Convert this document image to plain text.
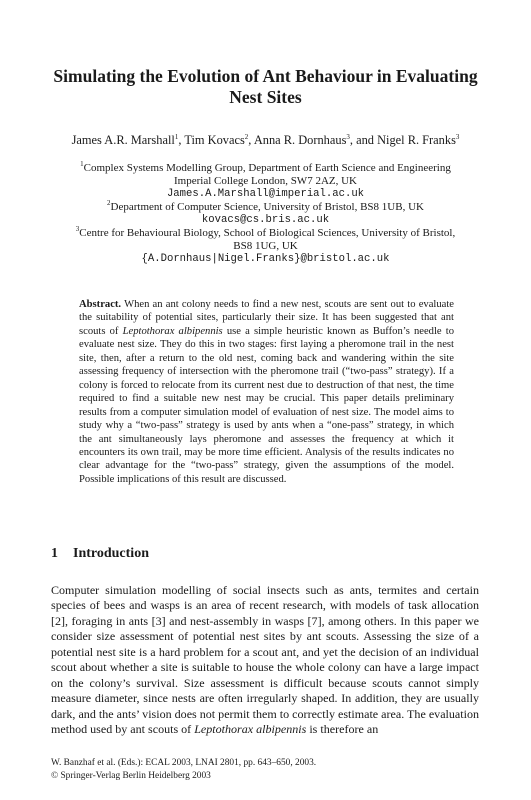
Simulating the Evolution of Ant Behaviour in Evaluating
Nest Sites
James A.R. Marshall$^1$, Tim Kovacs$^2$, Anna R. Dornhaus$^3$, and Nigel R. Franks$^3$
$^1$Complex Systems Modelling Group, Department of Earth Science and Engineering
Imperial College London, SW7 2AZ, UK
James.A.Marshall@imperial.ac.uk
$^2$Department of Computer Science, University of Bristol, BS8 1UB, UK
kovacs@cs.bris.ac.uk
$^3$Centre for Behavioural Biology, School of Biological Sciences, University of Bristol,
BS8 1UG, UK
{A.Dornhaus|Nigel.Franks}@bristol.ac.uk
Abstract. When an ant colony needs to find a new nest, scouts are sent out to evaluate the suitability of potential sites, particularly their size. It has been suggested that ant scouts of Leptothorax albipennis use a simple heuristic known as Buffon’s needle to evaluate nest size. They do this in two stages: first laying a pheromone trail in the nest site, then, after a return to the old nest, coming back and wandering within the site assessing frequency of intersection with the pheromone trail (“two-pass” strategy). If a colony is forced to relocate from its current nest due to destruction of that nest, the time required to find a suitable new nest may be crucial. This paper details preliminary results from a computer simulation model of evaluation of nest size. The model aims to study why a “two-pass” strategy is used by ants when a “one-pass” strategy, in which the ant simultaneously lays pheromone and assesses the frequency at which it encounters its own trail, may be more time efficient. Analysis of the results indicates no clear advantage for the “two-pass” strategy, given the assumptions of the model. Possible implications of this result are discussed.
1 Introduction
Computer simulation modelling of social insects such as ants, termites and certain species of bees and wasps is an area of recent research, with models of task allocation [2], foraging in ants [3] and nest-assembly in wasps [7], among others. In this paper we consider size assessment of potential nest sites by ant scouts. Assessing the size of a potential nest site is a hard problem for a scout ant, and yet the decision of an individual scout about whether a site is suitable to house the whole colony can have a large impact on the colony’s survival. Size assessment is difficult because scouts cannot simply measure diameter, since nests are often irregularly shaped. In addition, they are usually dark, and the ants’ vision does not permit them to correctly estimate area. The evaluation method used by ant scouts of Leptothorax albipennis is therefore an
W. Banzhaf et al. (Eds.): ECAL 2003, LNAI 2801, pp. 643–650, 2003.
© Springer-Verlag Berlin Heidelberg 2003
